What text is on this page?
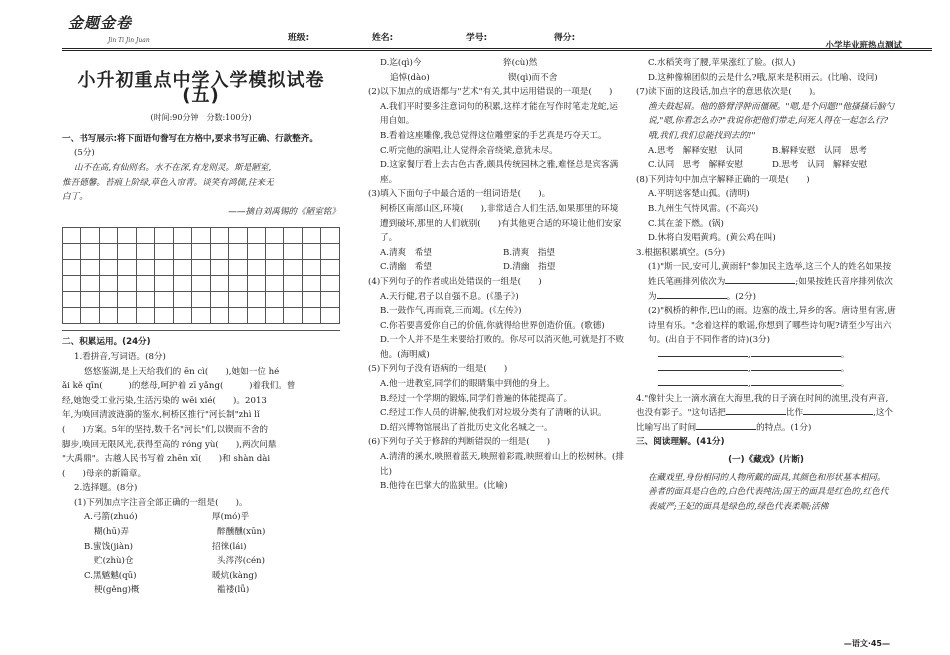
金题金卷
Jin Ti Jin Juan	班级:	姓名:	学号:	得分:
小学毕业班热点测试
小升初重点中学入学模拟试卷(五)
(时间:90分钟　分数:100分)
一、书写展示:将下面语句誊写在方格中,要求书写正确、行款整齐。
(5分)
山不在高,有仙则名。水不在深,有龙则灵。斯是陋室,
惟吾德馨。苔痕上阶绿,草色入帘青。谈笑有鸿儒,往来无
白丁。
——摘自刘禹锡的《陋室铭》

二、积累运用。(24分)
1.看拼音,写词语。(8分)
悠悠鉴湖,是上天给我们的 ēn cì(　　),她如一位 hé
ǎi kě qīn(　　　)的慈母,呵护着 zī yǎng(　　　)着我们。曾
经,她饱受工业污染,生活污染的 wēi xié(　　)。2013
年,为唤回清波涟漪的鉴水,柯桥区推行"河长制"zhì lǐ
(　　)方案。5年的坚持,数千名"河长"们,以锲而不舍的
脚步,唤回无限风光,获得至高的 róng yù(　　),两次问鼎
"大禹鼎"。古越人民书写着 zhēn xī(　　)和 shàn dài
(　　)母亲的新篇章。
2.选择题。(8分)
(1)下列加点字注音全部正确的一组是(　　)。
A.弓箭(zhuó)	厚(mó)乎
糊(hū)弄	醉醺醺(xūn)
B.蜜饯(jiàn)	招徕(lái)
贮(zhù)仓	头涔涔(cén)
C.黑魆魆(qū)	暖炕(kàng)
梗(gěng)概	褴褛(lǚ)
D.迄(qì)今	猝(cù)然
追悼(dào)	锲(qì)而不舍
(2)以下加点的成语都与"艺术"有关,其中运用错误的一项是(　　)
A.我们平时要多注意词句的积累,这样才能在写作时笔走龙蛇,运用自如。
B.看着这座雕像,我总觉得这位雕塑家的手艺真是巧夺天工。
C.听完他的演唱,让人觉得余音绕梁,意犹未尽。
D.这家餐厅看上去古色古香,颇具传统园林之雅,难怪总是宾客满座。
(3)填入下面句子中最合适的一组词语是(　　)。
柯桥区南部山区,环境(　　),非常适合人们生活,如果那里的环境遭到破坏,那里的人们就别(　　)有其他更合适的环境让他们安家了。
A.清爽　希望	B.清爽　指望
C.清幽　希望	D.清幽　指望
(4)下列句子的作者或出处错误的一组是(　　)
A.天行健,君子以自强不息。(《墨子》)
B.一鼓作气,再而衰,三而竭。(《左传》)
C.你若要喜爱你自己的价值,你就得给世界创造价值。(歌德)
D.一个人并不是生来要给打败的。你尽可以消灭他,可就是打不败他。(海明威)
(5)下列句子没有语病的一组是(　　)
A.他一进教室,同学们的眼睛集中到他的身上。
B.经过一个学期的锻炼,同学们普遍的体能提高了。
C.经过工作人员的讲解,使我们对垃圾分类有了清晰的认识。
D.绍兴博物馆展出了首批历史文化名城之一。
(6)下列句子关于修辞的判断错误的一组是(　　)
A.清清的溪水,映照着蓝天,映照着彩霞,映照着山上的松树林。(排比)
B.他待在巴掌大的监狱里。(比喻)
C.水稻笑弯了腰,苹果涨红了脸。(拟人)
D.这种像棉团似的云是什么?哦,原来是积雨云。(比喻、设问)
(7)读下面的这段话,加点字的意思依次是(　　)。
渔夫鼓起眉。他的胳臂浮肿而僵硬。"嗯,是个问题!"他搔搔后脑勺说,"嗯,你看怎么办?"我说你把他们带走,问死人得在一起怎么行?哦,我们,我们总能找到去的!"
A.思考　解释安慰　认同	B.解释安慰　认同　思考
C.认同　思考　解释安慰	D.思考　认同　解释安慰
(8)下列诗句中加点字解释正确的一项是(　　)
A.平明送客楚山孤。(清明)
B.九州生气恃风雷。(不高兴)
C.其在釜下燃。(锅)
D.休将白发唱黄鸡。(黄公鸡在叫)
3.根据积累填空。(5分)
(1)"斯一民,安可儿,黄雨轩"参加民主选举,这三个人的姓名如果按姓氏笔画排列依次为	;如果按姓氏音序排列依次为	。(2分)
(2)"枫桥的种作,巴山的雨。边塞的战士,异乡的客。唐诗里有害,唐诗里有乐。"念着这样的歌谣,你想到了哪些诗句呢?请至少写出六句。(出自于不同作者的诗)(3分)
,	。
,	。
,	。
4."像针尖上一滴水滴在大海里,我的日子滴在时间的流里,没有声音,也没有影子。"这句话把	比作	,这个比喻写出了时间	的特点。(1分)
三、阅读理解。(41分)
(一)《藏戏》(片断)
在藏戏里,身份相同的人物所戴的面具,其颜色和形状基本相同。
善者的面具是白色的,白色代表纯洁;国王的面具是红色的,红色代表威严;王妃的面具是绿色的,绿色代表柔顺;活佛
—语文·45—
